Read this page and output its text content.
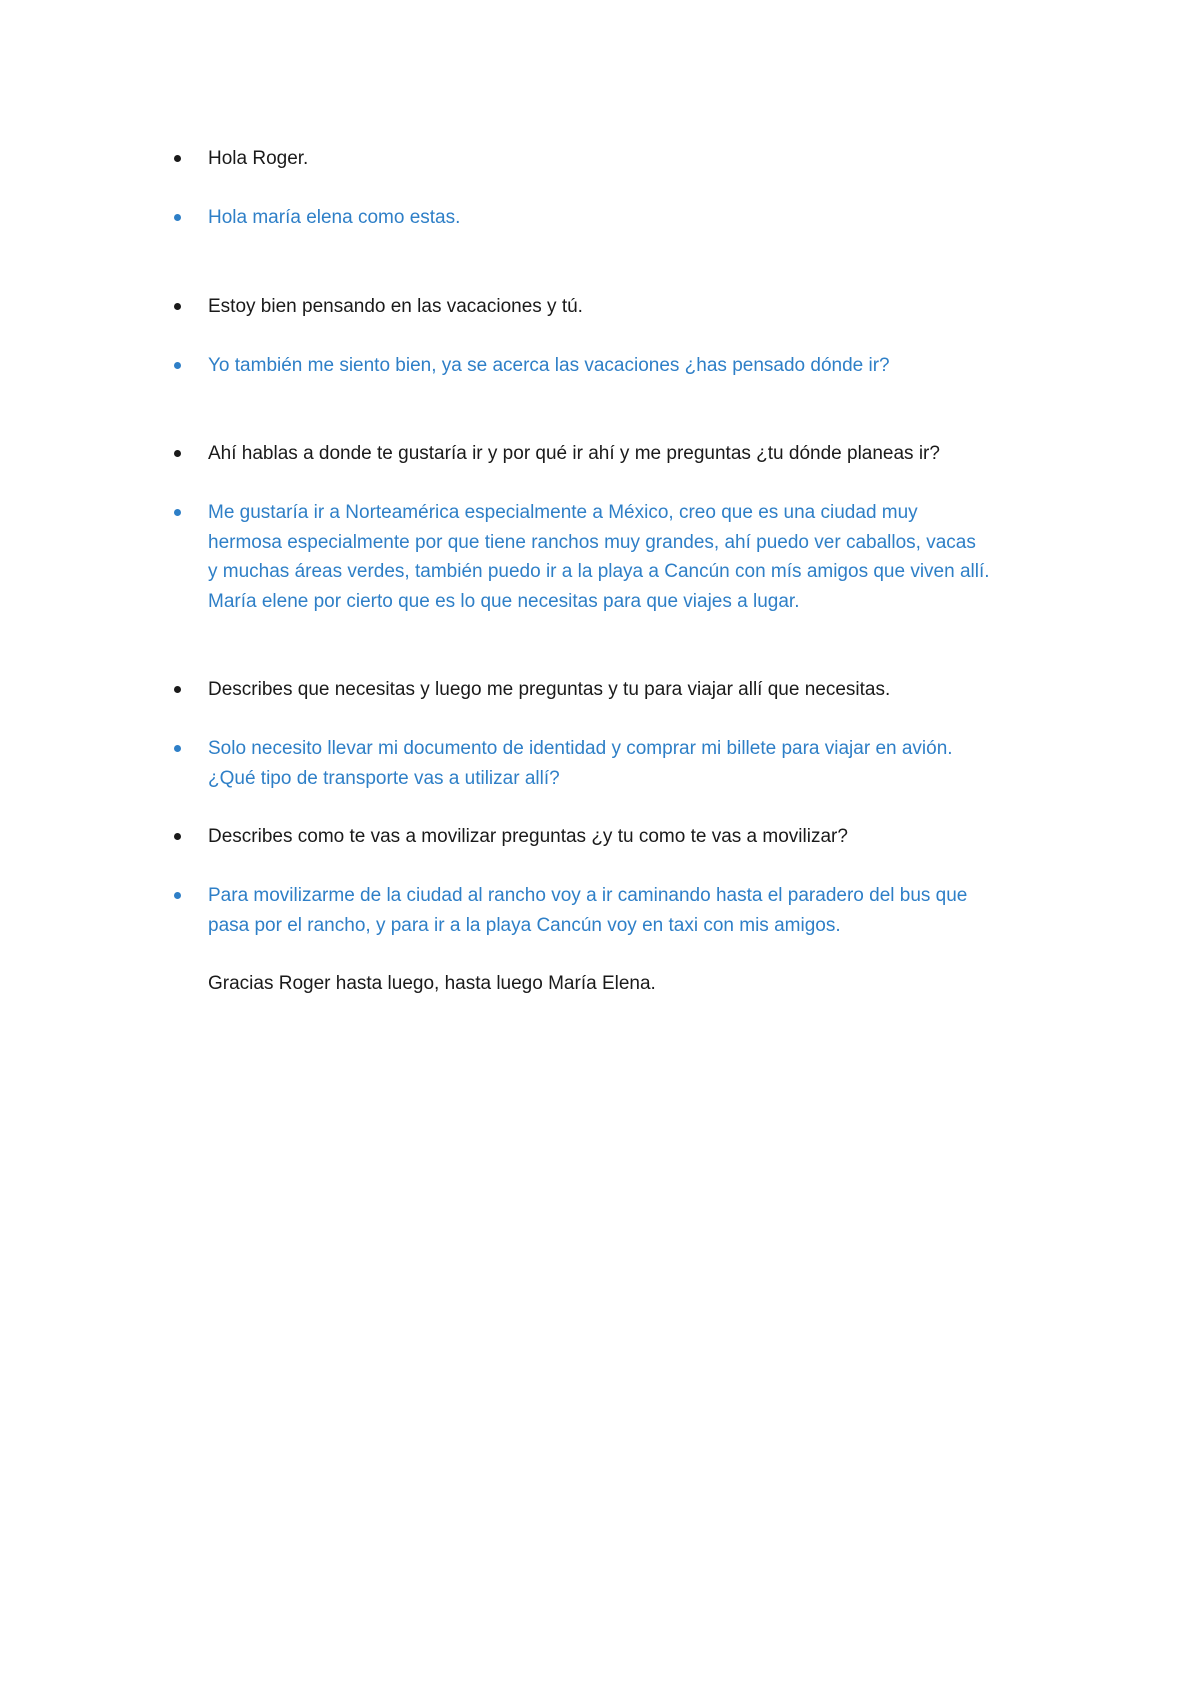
Hola Roger.
Hola maría elena como estas.
Estoy bien pensando en las vacaciones y tú.
Yo también me siento bien, ya se acerca las vacaciones ¿has pensado dónde ir?
Ahí hablas a donde te gustaría ir y por qué ir ahí y me preguntas ¿tu dónde planeas ir?
Me gustaría ir a Norteamérica especialmente a México, creo que es una ciudad muy
hermosa especialmente por que tiene ranchos muy grandes, ahí puedo ver caballos, vacas
y muchas áreas verdes, también puedo ir a la playa a Cancún con mís amigos que viven allí.
María elene por cierto que es lo que necesitas para que viajes a lugar.
Describes que necesitas y luego me preguntas y tu para viajar allí que necesitas.
Solo necesito llevar mi documento de identidad y comprar mi billete para viajar en avión.
¿Qué tipo de transporte vas a utilizar allí?
Describes como te vas a movilizar preguntas ¿y tu como te vas a movilizar?
Para movilizarme de la ciudad al rancho voy a ir caminando hasta el paradero del bus que
pasa por el rancho, y para ir a la playa Cancún voy en taxi con mis amigos.
Gracias Roger hasta luego, hasta luego María Elena.
